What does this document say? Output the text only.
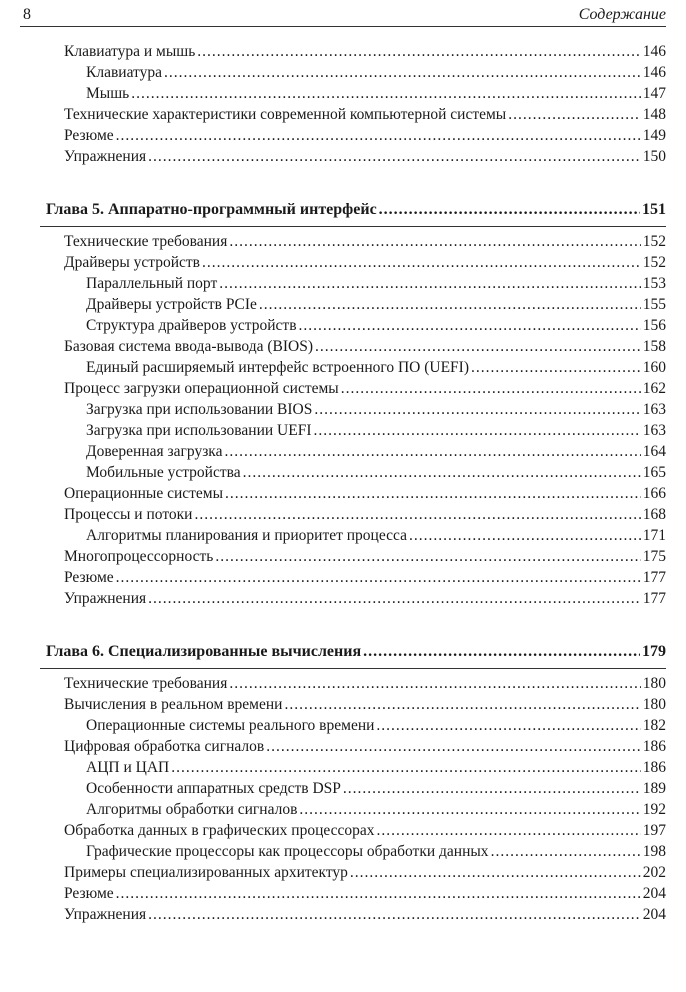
8	Содержание
Клавиатура и мышь .....	146
Клавиатура .....	146
Мышь .....	147
Технические характеристики современной компьютерной системы .....	148
Резюме .....	149
Упражнения .....	150
Глава 5. Аппаратно-программный интерфейс .....	151
Технические требования .....	152
Драйверы устройств .....	152
Параллельный порт .....	153
Драйверы устройств PCIe .....	155
Структура драйверов устройств .....	156
Базовая система ввода-вывода (BIOS) .....	158
Единый расширяемый интерфейс встроенного ПО (UEFI) .....	160
Процесс загрузки операционной системы .....	162
Загрузка при использовании BIOS .....	163
Загрузка при использовании UEFI .....	163
Доверенная загрузка .....	164
Мобильные устройства .....	165
Операционные системы .....	166
Процессы и потоки .....	168
Алгоритмы планирования и приоритет процесса .....	171
Многопроцессорность .....	175
Резюме .....	177
Упражнения .....	177
Глава 6. Специализированные вычисления .....	179
Технические требования .....	180
Вычисления в реальном времени .....	180
Операционные системы реального времени .....	182
Цифровая обработка сигналов .....	186
АЦП и ЦАП .....	186
Особенности аппаратных средств DSP .....	189
Алгоритмы обработки сигналов .....	192
Обработка данных в графических процессорах .....	197
Графические процессоры как процессоры обработки данных .....	198
Примеры специализированных архитектур .....	202
Резюме .....	204
Упражнения .....	204
